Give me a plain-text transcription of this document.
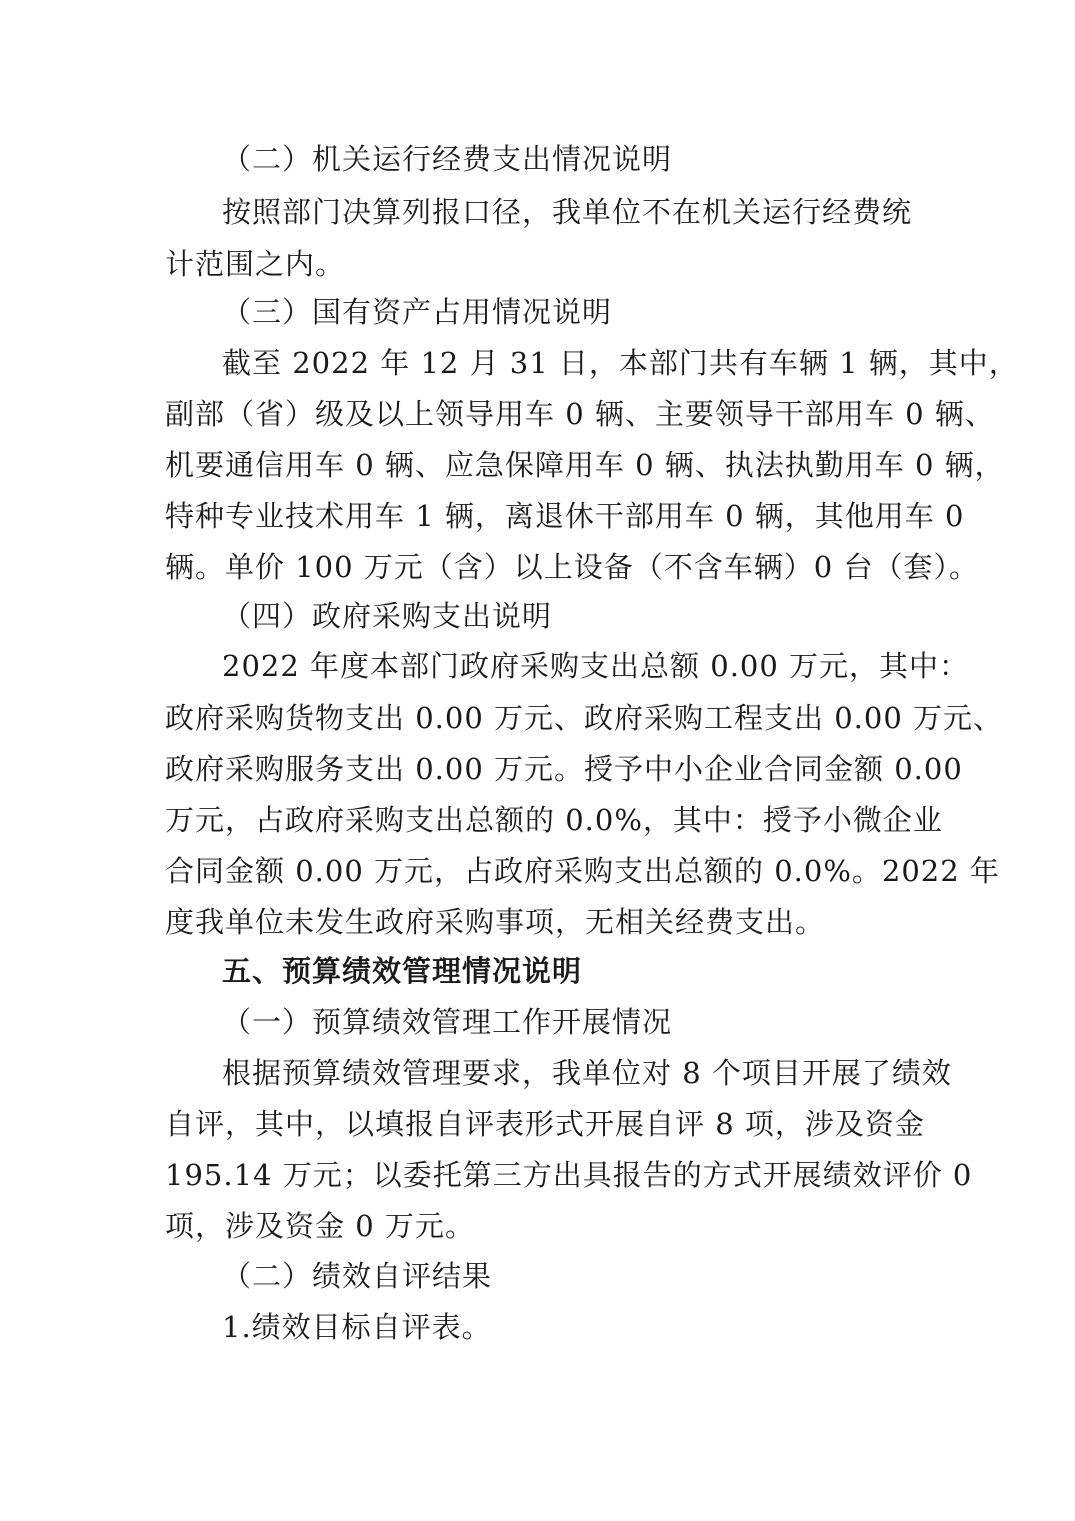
（二）机关运行经费支出情况说明
按照部门决算列报口径，我单位不在机关运行经费统
计范围之内。
（三）国有资产占用情况说明
截至 2022 年 12 月 31 日，本部门共有车辆 1 辆，其中，
副部（省）级及以上领导用车 0 辆、主要领导干部用车 0 辆、
机要通信用车 0 辆、应急保障用车 0 辆、执法执勤用车 0 辆，
特种专业技术用车 1 辆，离退休干部用车 0 辆，其他用车 0
辆。单价 100 万元（含）以上设备（不含车辆）0 台（套）。
（四）政府采购支出说明
2022 年度本部门政府采购支出总额 0.00 万元，其中：
政府采购货物支出 0.00 万元、政府采购工程支出 0.00 万元、
政府采购服务支出 0.00 万元。授予中小企业合同金额 0.00
万元，占政府采购支出总额的 0.0%，其中：授予小微企业
合同金额 0.00 万元，占政府采购支出总额的 0.0%。2022 年
度我单位未发生政府采购事项，无相关经费支出。
五、预算绩效管理情况说明
（一）预算绩效管理工作开展情况
根据预算绩效管理要求，我单位对 8 个项目开展了绩效
自评，其中，以填报自评表形式开展自评 8 项，涉及资金
195.14 万元；以委托第三方出具报告的方式开展绩效评价 0
项，涉及资金 0 万元。
（二）绩效自评结果
1.绩效目标自评表。
